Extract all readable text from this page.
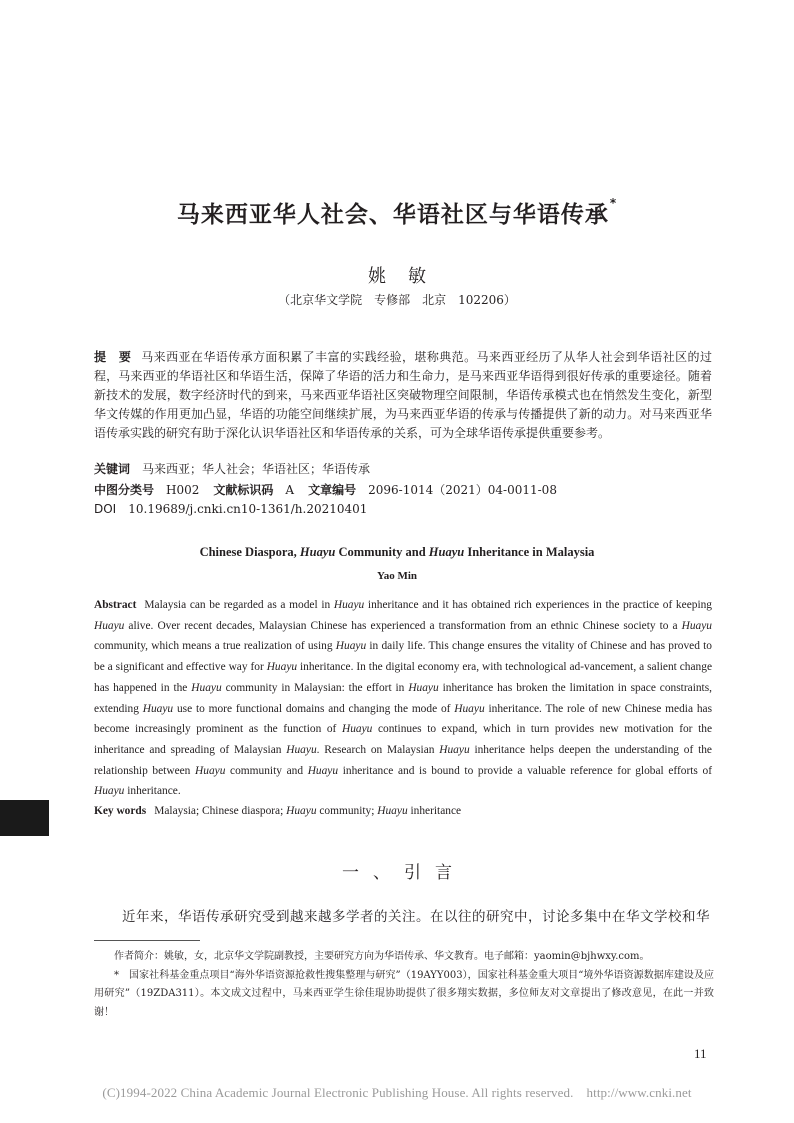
马来西亚华人社会、华语社区与华语传承*
姚敏
（北京华文学院　专修部　北京　102206）
提　要 马来西亚在华语传承方面积累了丰富的实践经验，堪称典范。马来西亚经历了从华人社会到华语社区的过程，马来西亚的华语社区和华语生活，保障了华语的活力和生命力，是马来西亚华语得到很好传承的重要途径。随着新技术的发展，数字经济时代的到来，马来西亚华语社区突破物理空间限制，华语传承模式也在悄然发生变化，新型华文传媒的作用更加凸显，华语的功能空间继续扩展，为马来西亚华语的传承与传播提供了新的动力。对马来西亚华语传承实践的研究有助于深化认识华语社区和华语传承的关系，可为全球华语传承提供重要参考。
关键词 马来西亚；华人社会；华语社区；华语传承
中图分类号 H002 文献标识码 A 文章编号 2096-1014（2021）04-0011-08
DOI 10.19689/j.cnki.cn10-1361/h.20210401
Chinese Diaspora, Huayu Community and Huayu Inheritance in Malaysia
Yao Min
Abstract Malaysia can be regarded as a model in Huayu inheritance and it has obtained rich experiences in the practice of keeping Huayu alive. Over recent decades, Malaysian Chinese has experienced a transformation from an ethnic Chinese society to a Huayu community, which means a true realization of using Huayu in daily life. This change ensures the vitality of Chinese and has proved to be a significant and effective way for Huayu inheritance. In the digital economy era, with technological ad-vancement, a salient change has happened in the Huayu community in Malaysian: the effort in Huayu inheritance has broken the limitation in space constraints, extending Huayu use to more functional domains and changing the mode of Huayu inheritance. The role of new Chinese media has become increasingly prominent as the function of Huayu continues to expand, which in turn provides new motivation for the inheritance and spreading of Malaysian Huayu. Research on Malaysian Huayu inheritance helps deepen the understanding of the relationship between Huayu community and Huayu inheritance and is bound to provide a valuable reference for global efforts of Huayu inheritance.
Key words Malaysia; Chinese diaspora; Huayu community; Huayu inheritance
一、引言
近年来，华语传承研究受到越来越多学者的关注。在以往的研究中，讨论多集中在华文学校和华

作者简介：姚敏，女，北京华文学院副教授，主要研究方向为华语传承、华文教育。电子邮箱：yaomin@bjhwxy.com。

* 国家社科基金重点项目“海外华语资源抢救性搜集整理与研究”（19AYY003），国家社科基金重大项目“境外华语资源数据库建设及应用研究”（19ZDA311）。本文成文过程中，马来西亚学生徐佳琨协助提供了很多翔实数据，多位师友对文章提出了修改意见，在此一并致谢！

11
(C)1994-2022 China Academic Journal Electronic Publishing House. All rights reserved.　http://www.cnki.net
